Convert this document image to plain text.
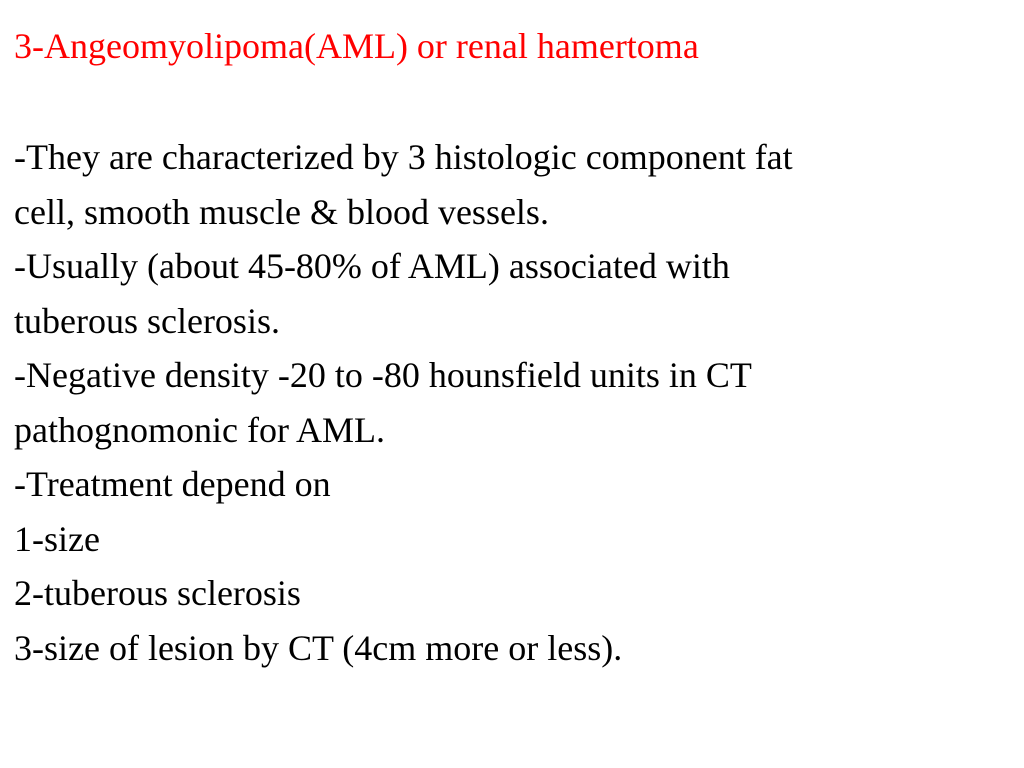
3-Angeomyolipoma(AML) or renal hamertoma
-They are characterized by 3 histologic component fat
cell, smooth muscle & blood vessels.
-Usually (about 45-80% of AML) associated with
tuberous sclerosis.
-Negative density -20 to -80 hounsfield units in CT
pathognomonic for AML.
-Treatment depend on
1-size
2-tuberous sclerosis
3-size of lesion by CT (4cm more or less).
